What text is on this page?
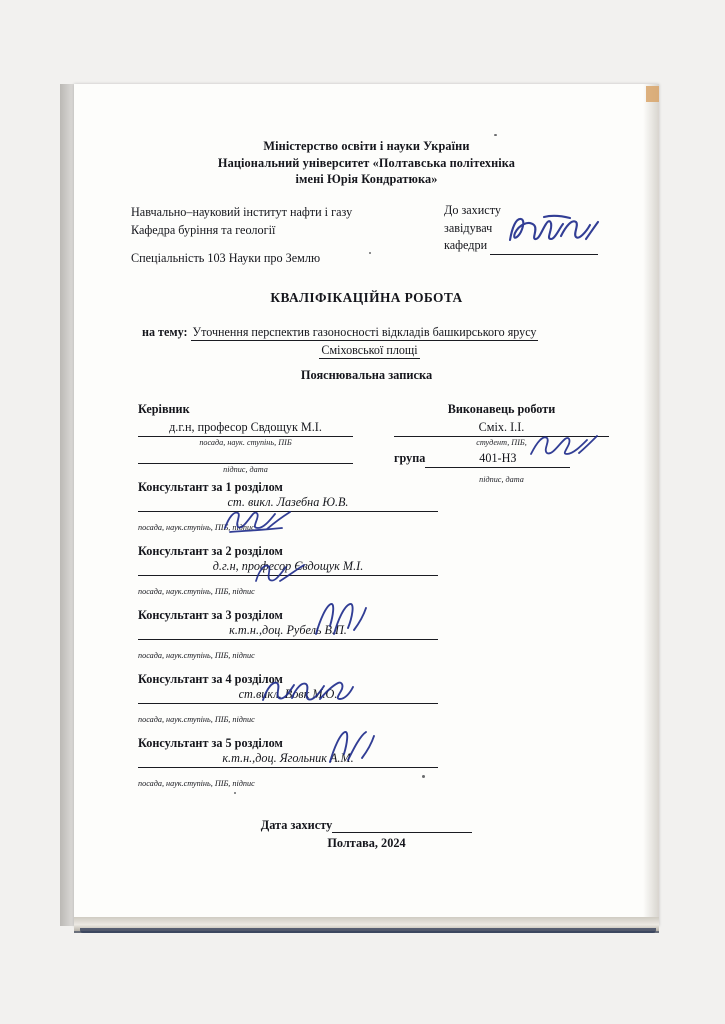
Міністерство освіти і науки України
Національний університет «Полтавська політехніка
імені Юрія Кондратюка»
Навчально–науковий інститут нафти і газу
Кафедра буріння та геології
До захисту
завідувач
кафедри
Спеціальність 103 Науки про Землю
КВАЛІФІКАЦІЙНА РОБОТА
на тему: Уточнення перспектив газоносності відкладів башкирського ярусу
Сміховської площі
Пояснювальна записка
Керівник
д.г.н, професор Свдощук М.І.
посада, наук. ступінь, ПІБ
підпис, дата
Виконавець роботи
Сміх. І.І.
студент, ПІБ,
група	401-НЗ
підпис, дата
Консультант за 1 розділом
ст. викл. Лазебна Ю.В.
посада, наук.ступінь, ПІБ, підпис
Консультант за 2 розділом
д.г.н, професор Євдощук М.І.
посада, наук.ступінь, ПІБ, підпис
Консультант за 3 розділом
к.т.н.,доц. Рубель В.П.
посада, наук.ступінь, ПІБ, підпис
Консультант за 4 розділом
ст.викл. Вовк М.О.
посада, наук.ступінь, ПІБ, підпис
Консультант за 5 розділом
к.т.н.,доц. Ягольник А.М.
посада, наук.ступінь, ПІБ, підпис
Дата захисту
Полтава, 2024
